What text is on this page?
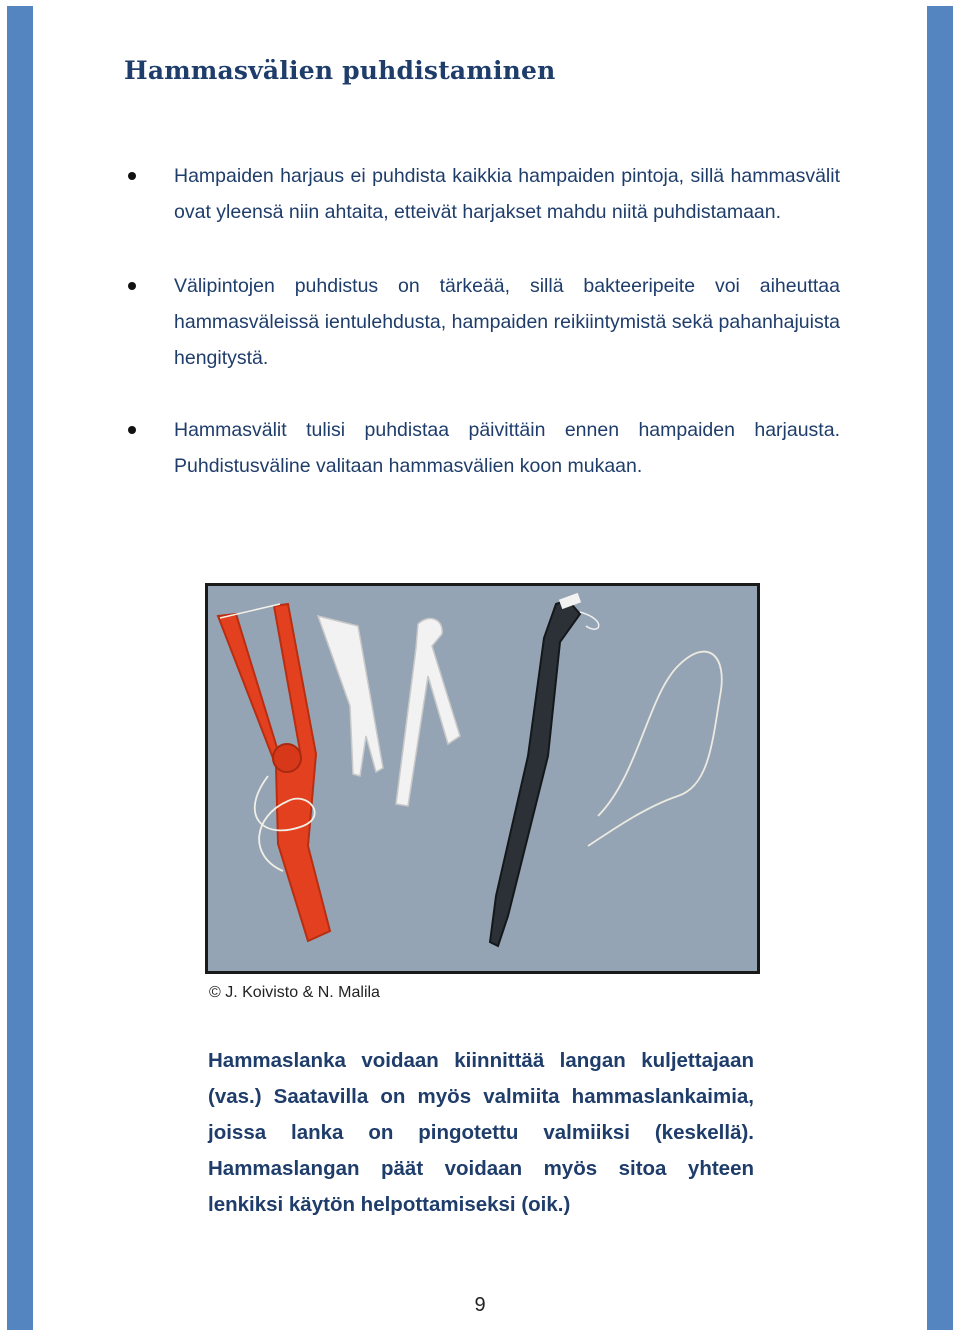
Hammasvälien puhdistaminen
Hampaiden harjaus ei puhdista kaikkia hampaiden pintoja, sillä hammasvälit ovat yleensä niin ahtaita, etteivät harjakset mahdu niitä puhdistamaan.
Välipintojen puhdistus on tärkeää, sillä bakteeripeite voi aiheuttaa hammasväleissä ientulehdusta, hampaiden reikiintymistä sekä pahanhajuista hengitystä.
Hammasvälit tulisi puhdistaa päivittäin ennen hampaiden harjausta. Puhdistusväline valitaan hammasvälien koon mukaan.
© J. Koivisto & N. Malila

Hammaslanka voidaan kiinnittää langan kuljettajaan (vas.) Saatavilla on myös valmiita hammaslankaimia, joissa lanka on pingotettu valmiiksi (keskellä). Hammaslangan päät voidaan myös sitoa yhteen lenkiksi käytön helpottamiseksi (oik.)

9
